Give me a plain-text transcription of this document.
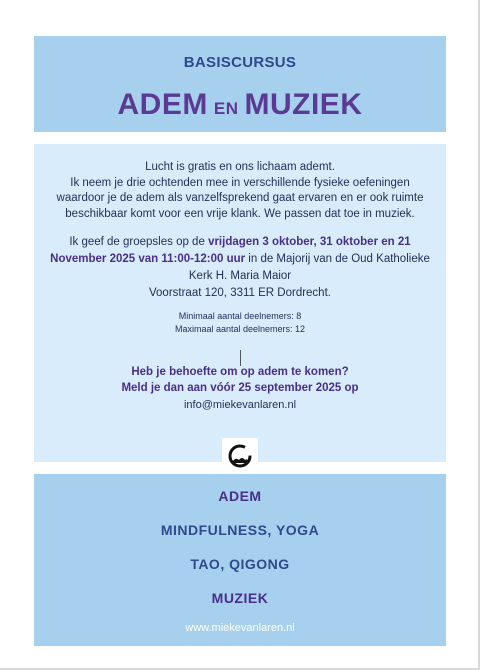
BASISCURSUS
ADEM EN MUZIEK
Lucht is gratis en ons lichaam ademt.
Ik neem je drie ochtenden mee in verschillende fysieke oefeningen
waardoor je de adem als vanzelfsprekend gaat ervaren en er ook ruimte
beschikbaar komt voor een vrije klank. We passen dat toe in muziek.
Ik geef de groepsles op de vrijdagen 3 oktober, 31 oktober en 21 November 2025 van 11:00-12:00 uur in de Majorij van de Oud Katholieke Kerk H. Maria Maior
Voorstraat 120, 3311 ER Dordrecht.
Minimaal aantal deelnemers: 8
Maximaal aantal deelnemers: 12
Heb je behoefte om op adem te komen?
Meld je dan aan vóór 25 september 2025 op
info@miekevanlaren.nl
ADEM
MINDFULNESS, YOGA
TAO, QIGONG
MUZIEK
www.miekevanlaren.nl
